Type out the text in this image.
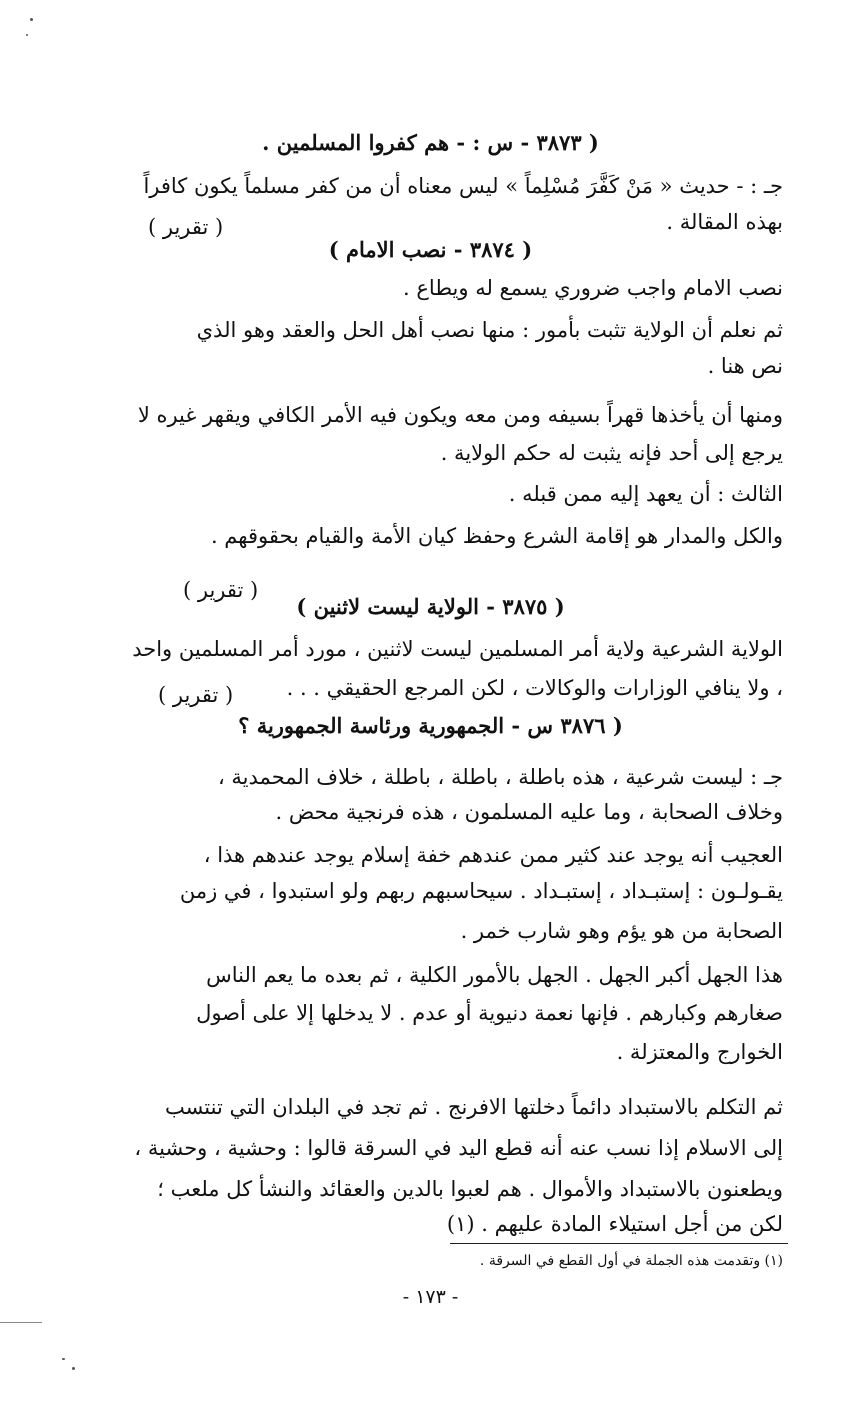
( ٣٨٧٣ - س : - هم كفروا المسلمين .
جـ : - حديث « مَنْ كَفَّرَ مُسْلِماً » ليس معناه أن من كفر مسلماً يكون كافراً
بهذه المقالة .
( تقرير )
( ٣٨٧٤ - نصب الامام )
نصب الامام واجب ضروري يسمع له ويطاع .
ثم نعلم أن الولاية تثبت بأمور : منها نصب أهل الحل والعقد وهو الذي
نص هنا .
ومنها أن يأخذها قهراً بسيفه ومن معه ويكون فيه الأمر الكافي ويقهر غيره لا
يرجع إلى أحد فإنه يثبت له حكم الولاية .
الثالث : أن يعهد إليه ممن قبله .
والكل والمدار هو إقامة الشرع وحفظ كيان الأمة والقيام بحقوقهم .
( تقرير )
( ٣٨٧٥ - الولاية ليست لاثنين )
الولاية الشرعية ولاية أمر المسلمين ليست لاثنين ، مورد أمر المسلمين واحد
، ولا ينافي الوزارات والوكالات ، لكن المرجع الحقيقي . . .
( تقرير )
( ٣٨٧٦ س - الجمهورية ورئاسة الجمهورية ؟
جـ : ليست شرعية ، هذه باطلة ، باطلة ، باطلة ، خلاف المحمدية ،
وخلاف الصحابة ، وما عليه المسلمون ، هذه فرنجية محض .
العجيب أنه يوجد عند كثير ممن عندهم خفة إسلام يوجد عندهم هذا ،
يقـولـون : إستبـداد ، إستبـداد . سيحاسبهم ربهم ولو استبدوا ، في زمن
الصحابة من هو يؤم وهو شارب خمر .
هذا الجهل أكبر الجهل . الجهل بالأمور الكلية ، ثم بعده ما يعم الناس
صغارهم وكبارهم . فإنها نعمة دنيوية أو عدم . لا يدخلها إلا على أصول
الخوارج والمعتزلة .
ثم التكلم بالاستبداد دائماً دخلتها الافرنج . ثم تجد في البلدان التي تنتسب
إلى الاسلام إذا نسب عنه أنه قطع اليد في السرقة قالوا : وحشية ، وحشية ،
ويطعنون بالاستبداد والأموال . هم لعبوا بالدين والعقائد والنشأ كل ملعب ؛
لكن من أجل استيلاء المادة عليهم . (١)
(١) وتقدمت هذه الجملة في أول القطع في السرقة .
- ١٧٣ -
